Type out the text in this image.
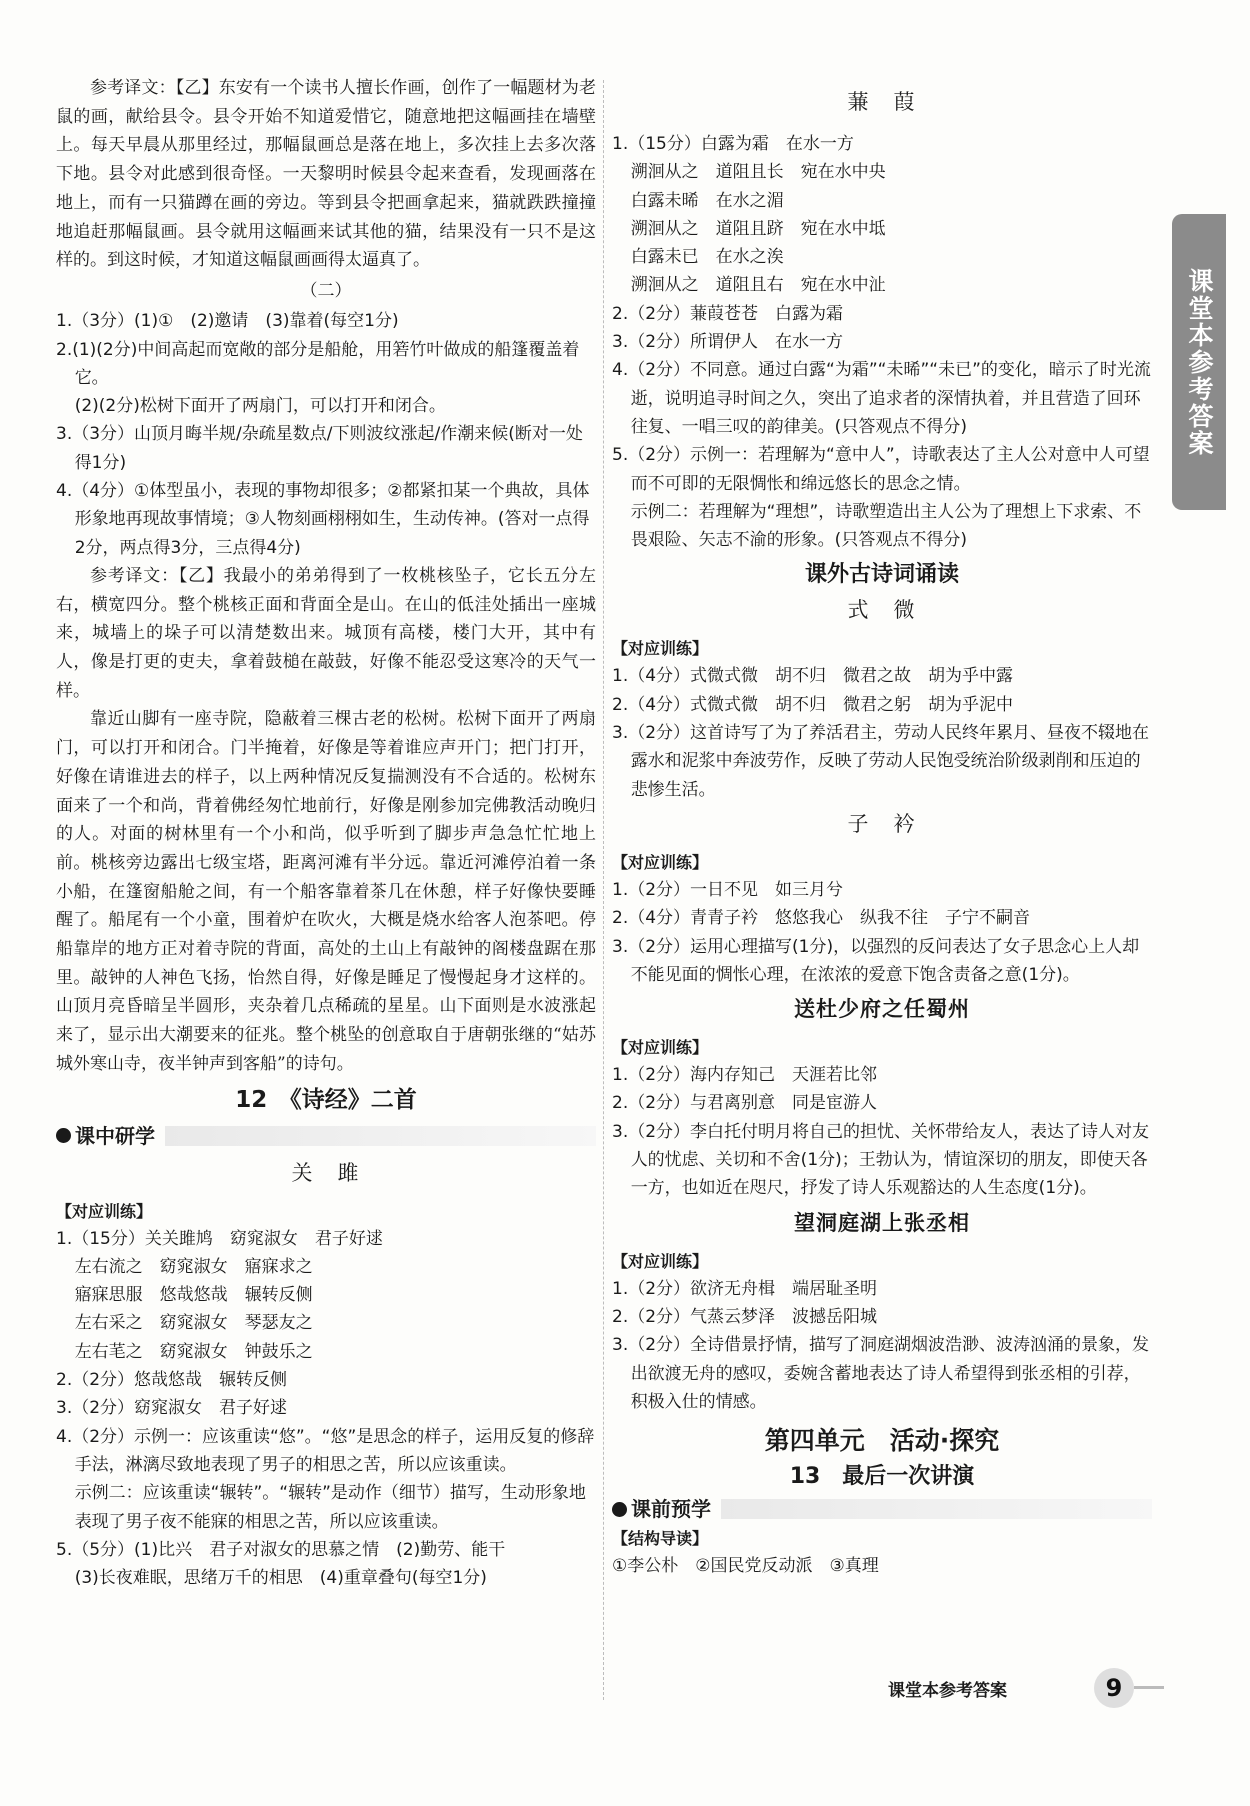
参考译文：【乙】东安有一个读书人擅长作画，创作了一幅题材为老鼠的画，献给县令。县令开始不知道爱惜它，随意地把这幅画挂在墙壁上。每天早晨从那里经过，那幅鼠画总是落在地上，多次挂上去多次落下地。县令对此感到很奇怪。一天黎明时候县令起来查看，发现画落在地上，而有一只猫蹲在画的旁边。等到县令把画拿起来，猫就跌跌撞撞地追赶那幅鼠画。县令就用这幅画来试其他的猫，结果没有一只不是这样的。到这时候，才知道这幅鼠画画得太逼真了。

（二）

1.（3分）(1)①　(2)邀请　(3)靠着(每空1分)

2.(1)(2分)中间高起而宽敞的部分是船舱，用箬竹叶做成的船篷覆盖着它。

(2)(2分)松树下面开了两扇门，可以打开和闭合。

3.（3分）山顶月晦半规/杂疏星数点/下则波纹涨起/作潮来候(断对一处得1分)

4.（4分）①体型虽小，表现的事物却很多；②都紧扣某一个典故，具体形象地再现故事情境；③人物刻画栩栩如生，生动传神。(答对一点得2分，两点得3分，三点得4分)

参考译文：【乙】我最小的弟弟得到了一枚桃核坠子，它长五分左右，横宽四分。整个桃核正面和背面全是山。在山的低洼处插出一座城来，城墙上的垛子可以清楚数出来。城顶有高楼，楼门大开，其中有人，像是打更的吏夫，拿着鼓槌在敲鼓，好像不能忍受这寒冷的天气一样。

靠近山脚有一座寺院，隐蔽着三棵古老的松树。松树下面开了两扇门，可以打开和闭合。门半掩着，好像是等着谁应声开门；把门打开，好像在请谁进去的样子，以上两种情况反复揣测没有不合适的。松树东面来了一个和尚，背着佛经匆忙地前行，好像是刚参加完佛教活动晚归的人。对面的树林里有一个小和尚，似乎听到了脚步声急急忙忙地上前。桃核旁边露出七级宝塔，距离河滩有半分远。靠近河滩停泊着一条小船，在篷窗船舱之间，有一个船客靠着茶几在休憩，样子好像快要睡醒了。船尾有一个小童，围着炉在吹火，大概是烧水给客人泡茶吧。停船靠岸的地方正对着寺院的背面，高处的土山上有敲钟的阁楼盘踞在那里。敲钟的人神色飞扬，怡然自得，好像是睡足了慢慢起身才这样的。山顶月亮昏暗呈半圆形，夹杂着几点稀疏的星星。山下面则是水波涨起来了，显示出大潮要来的征兆。整个桃坠的创意取自于唐朝张继的“姑苏城外寒山寺，夜半钟声到客船”的诗句。

12　《诗经》二首
课中研学
关　雎

【对应训练】

1.（15分）关关雎鸠　窈窕淑女　君子好逑

左右流之　窈窕淑女　寤寐求之

寤寐思服　悠哉悠哉　辗转反侧

左右采之　窈窕淑女　琴瑟友之

左右芼之　窈窕淑女　钟鼓乐之

2.（2分）悠哉悠哉　辗转反侧

3.（2分）窈窕淑女　君子好逑

4.（2分）示例一：应该重读“悠”。“悠”是思念的样子，运用反复的修辞手法，淋漓尽致地表现了男子的相思之苦，所以应该重读。

示例二：应该重读“辗转”。“辗转”是动作（细节）描写，生动形象地表现了男子夜不能寐的相思之苦，所以应该重读。

5.（5分）(1)比兴　君子对淑女的思慕之情　(2)勤劳、能干

(3)长夜难眠，思绪万千的相思　(4)重章叠句(每空1分)

蒹　葭

1.（15分）白露为霜　在水一方

溯洄从之　道阻且长　宛在水中央

白露未晞　在水之湄

溯洄从之　道阻且跻　宛在水中坻

白露未已　在水之涘

溯洄从之　道阻且右　宛在水中沚

2.（2分）蒹葭苍苍　白露为霜

3.（2分）所谓伊人　在水一方

4.（2分）不同意。通过白露“为霜”“未晞”“未已”的变化，暗示了时光流逝，说明追寻时间之久，突出了追求者的深情执着，并且营造了回环往复、一唱三叹的韵律美。(只答观点不得分)

5.（2分）示例一：若理解为“意中人”，诗歌表达了主人公对意中人可望而不可即的无限惆怅和绵远悠长的思念之情。

示例二：若理解为“理想”，诗歌塑造出主人公为了理想上下求索、不畏艰险、矢志不渝的形象。(只答观点不得分)

课外古诗词诵读
式　微

【对应训练】

1.（4分）式微式微　胡不归　微君之故　胡为乎中露

2.（4分）式微式微　胡不归　微君之躬　胡为乎泥中

3.（2分）这首诗写了为了养活君主，劳动人民终年累月、昼夜不辍地在露水和泥浆中奔波劳作，反映了劳动人民饱受统治阶级剥削和压迫的悲惨生活。

子　衿

【对应训练】

1.（2分）一日不见　如三月兮

2.（4分）青青子衿　悠悠我心　纵我不往　子宁不嗣音

3.（2分）运用心理描写(1分)，以强烈的反问表达了女子思念心上人却不能见面的惆怅心理，在浓浓的爱意下饱含责备之意(1分)。

送杜少府之任蜀州

【对应训练】

1.（2分）海内存知己　天涯若比邻

2.（2分）与君离别意　同是宦游人

3.（2分）李白托付明月将自己的担忧、关怀带给友人，表达了诗人对友人的忧虑、关切和不舍(1分)；王勃认为，情谊深切的朋友，即使天各一方，也如近在咫尺，抒发了诗人乐观豁达的人生态度(1分)。

望洞庭湖上张丞相

【对应训练】

1.（2分）欲济无舟楫　端居耻圣明

2.（2分）气蒸云梦泽　波撼岳阳城

3.（2分）全诗借景抒情，描写了洞庭湖烟波浩渺、波涛汹涌的景象，发出欲渡无舟的感叹，委婉含蓄地表达了诗人希望得到张丞相的引荐，积极入仕的情感。

第四单元　活动·探究
13　最后一次讲演
课前预学

【结构导读】

①李公朴　②国民党反动派　③真理

课堂本参考答案
课堂本参考答案	9
